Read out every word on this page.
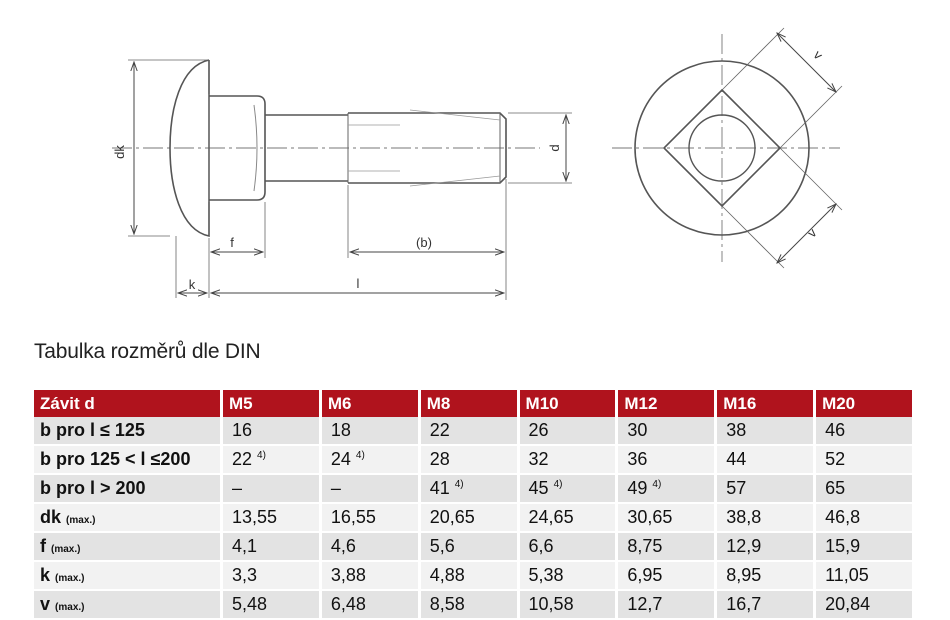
dk	d
f	(b)
l
k
v
v
Tabulka rozměrů dle DIN
Závit d	M5	M6	M8	M10	M12	M16	M20
b pro l ≤ 125	16	18	22	26	30	38	46
b pro 125 < l ≤200	22 $^{4)}$	24 $^{4)}$	28	32	36	44	52
b pro l > 200	–	–	41 $^{4)}$	45 $^{4)}$	49 $^{4)}$	57	65
dk (max.)	13,55	16,55	20,65	24,65	30,65	38,8	46,8
f (max.)	4,1	4,6	5,6	6,6	8,75	12,9	15,9
k (max.)	3,3	3,88	4,88	5,38	6,95	8,95	11,05
v (max.)	5,48	6,48	8,58	10,58	12,7	16,7	20,84
